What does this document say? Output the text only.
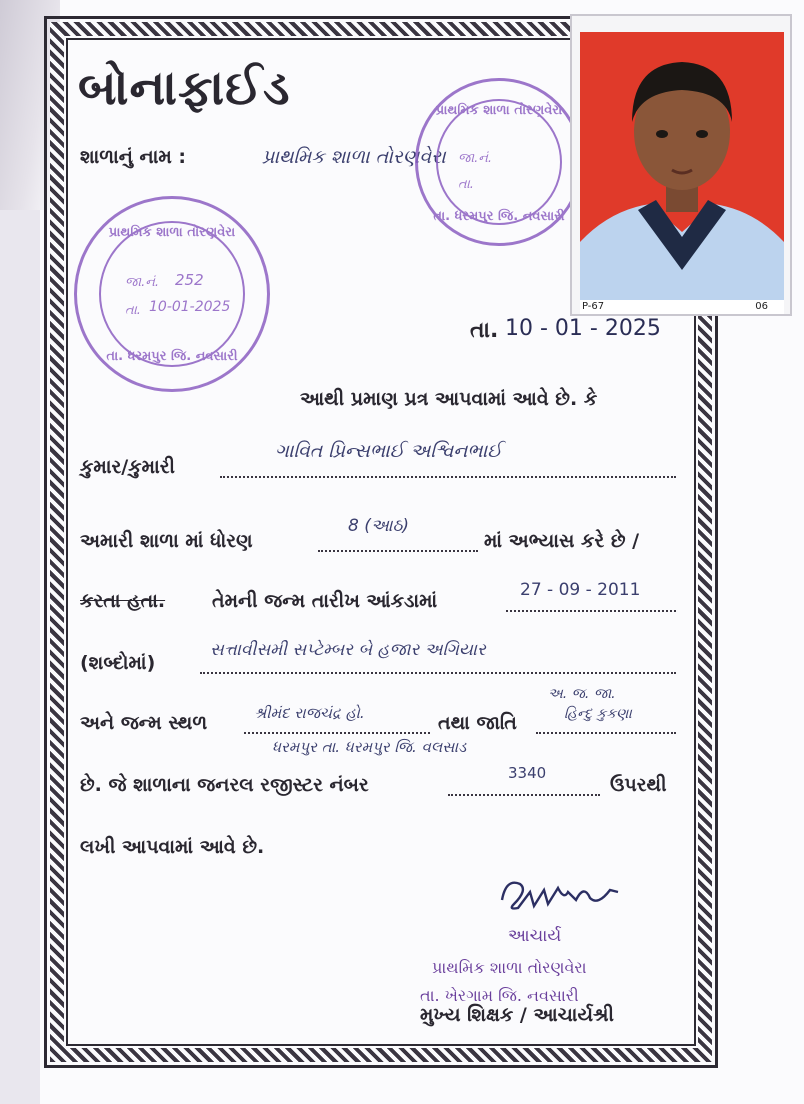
બોનાફાઈડ
શાળાનું નામ :	પ્રાથમિક શાળા તોરણવેરા
પ્રાથમિક શાળા તોરણવેરા
જા.નં.
તા.
તા. ધરમપુર જિ. નવસારી
P-67	06
પ્રાથમિક શાળા તોરણવેરા
જા.નં. 252
તા. 10-01-2025
તા. ધરમપુર જિ. નવસારી
તા. 10 - 01 - 2025
આથી પ્રમાણ પ્રત્ર આપવામાં આવે છે. કે
કુમાર/કુમારી
ગાવિત પ્રિન્સભાઈ અશ્વિનભાઈ
અમારી શાળા માં ધોરણ
8 (આઠ)
માં અભ્યાસ કરે છે /
કરતા હતા. તેમની જન્મ તારીખ આંકડામાં	27 - 09 - 2011
(શબ્દોમાં)
સત્તાવીસમી સપ્ટેમ્બર બે હજાર અગિયાર
અ. જ. જા.
અને જન્મ સ્થળ	શ્રીમંદ રાજચંદ્ર હો.	તથા જાતિ	હિન્દુ કુકણા
ધરમપુર તા. ધરમપુર જિ. વલસાડ
છે. જે શાળાના જનરલ રજીસ્ટર નંબર
3340
ઉપરથી
લખી આપવામાં આવે છે.
આચાર્ય
પ્રાથમિક શાળા તોરણવેરા
તા. ખેરગામ જિ. નવસારી
મુખ્ય શિક્ષક / આચાર્યશ્રી
